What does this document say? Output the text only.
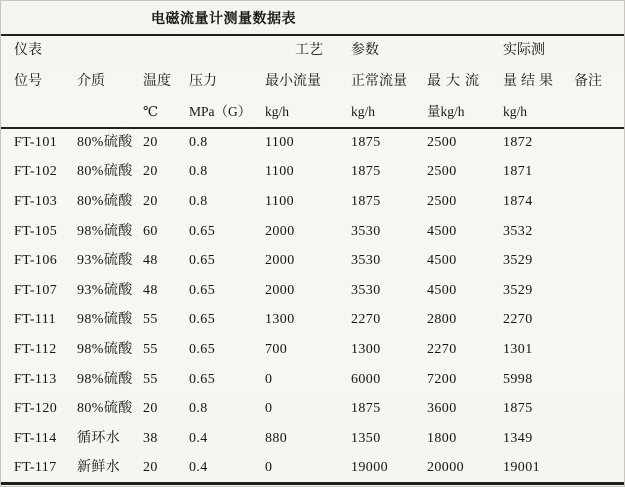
电磁流量计测量数据表
仪表				工艺	参数		实际测	
位号	介质	温度	压力	最小流量	正常流量	最大流	量结果	备注
		℃	MPa（G）	kg/h	kg/h	量kg/h	kg/h	
FT-101	80%硫酸	20	0.8	1100	1875	2500	1872	
FT-102	80%硫酸	20	0.8	1100	1875	2500	1871	
FT-103	80%硫酸	20	0.8	1100	1875	2500	1874	
FT-105	98%硫酸	60	0.65	2000	3530	4500	3532	
FT-106	93%硫酸	48	0.65	2000	3530	4500	3529	
FT-107	93%硫酸	48	0.65	2000	3530	4500	3529	
FT-111	98%硫酸	55	0.65	1300	2270	2800	2270	
FT-112	98%硫酸	55	0.65	700	1300	2270	1301	
FT-113	98%硫酸	55	0.65	0	6000	7200	5998	
FT-120	80%硫酸	20	0.8	0	1875	3600	1875	
FT-114	循环水	38	0.4	880	1350	1800	1349	
FT-117	新鲜水	20	0.4	0	19000	20000	19001	
